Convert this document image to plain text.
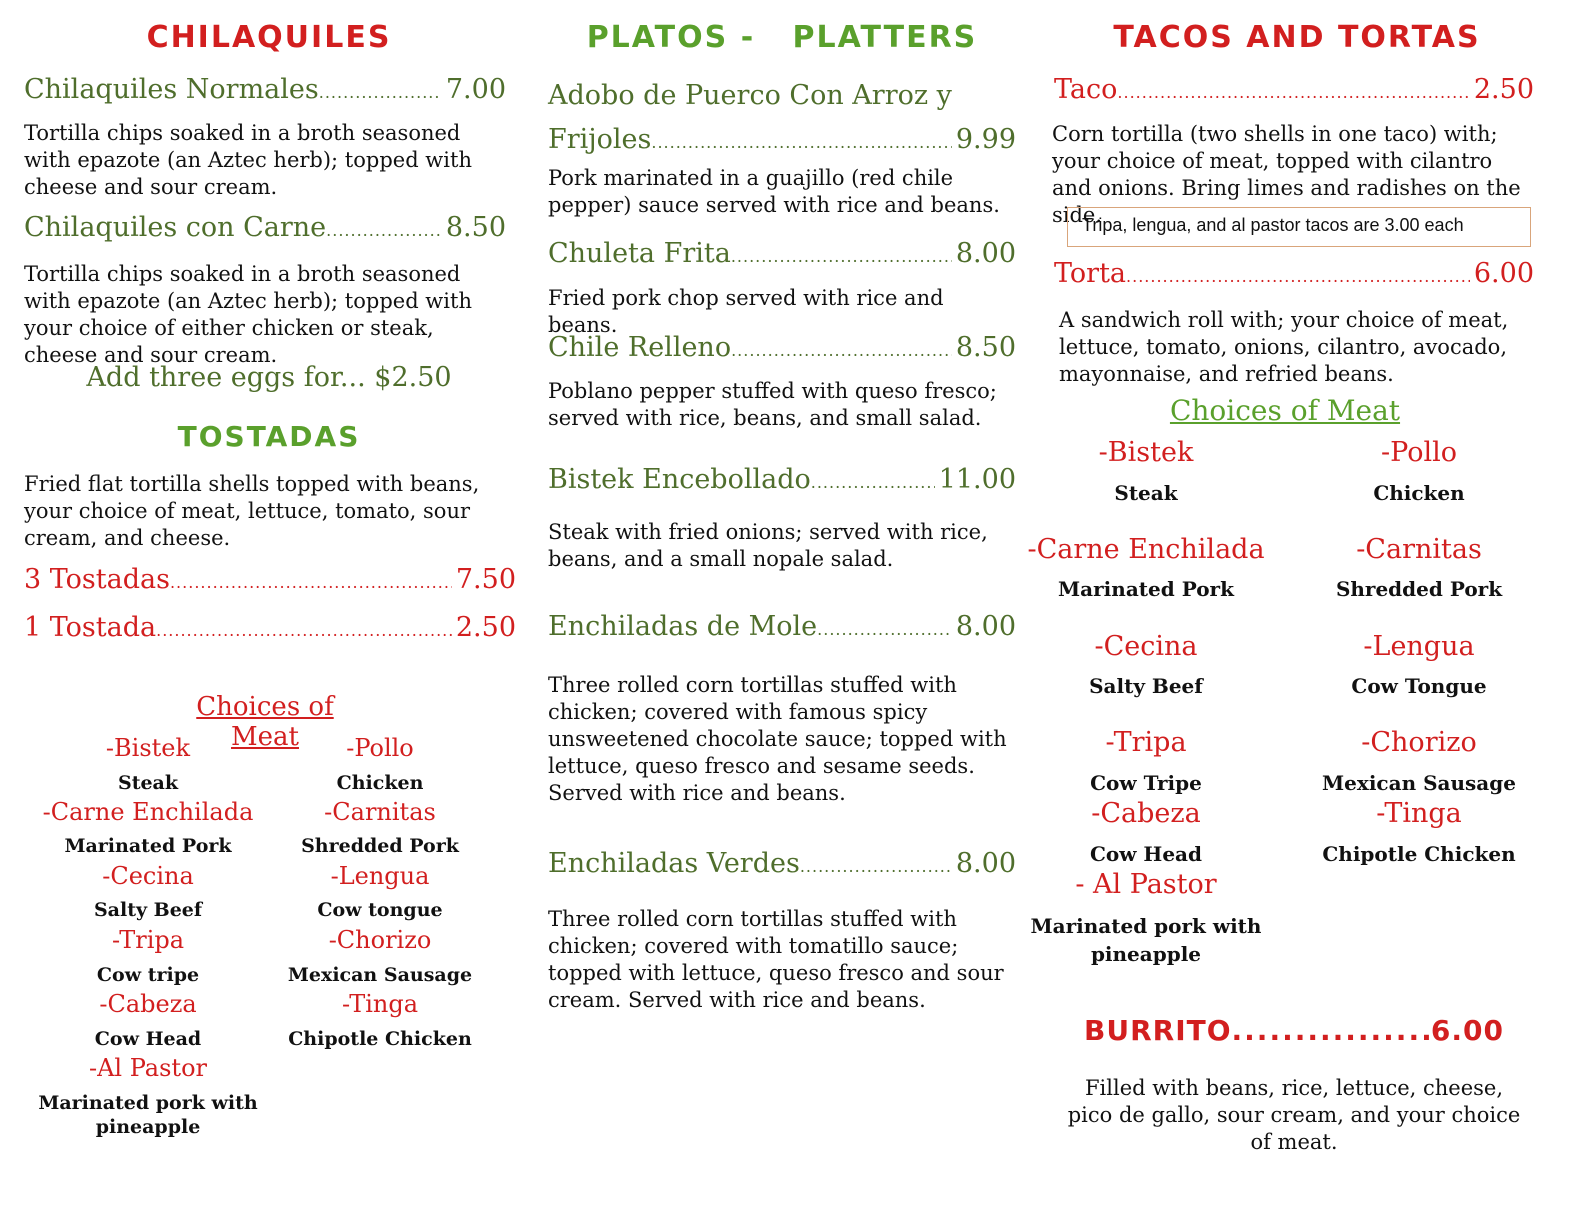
CHILAQUILES
Chilaquiles Normales .....	7.00
Tortilla chips soaked in a broth seasoned with epazote (an Aztec herb); topped with cheese and sour cream.
Chilaquiles con Carne .....	8.50
Tortilla chips soaked in a broth seasoned with epazote (an Aztec herb); topped with your choice of either chicken or steak, cheese and sour cream.
Add three eggs for... $2.50
TOSTADAS
Fried flat tortilla shells topped with beans, your choice of meat, lettuce, tomato, sour cream, and cheese.
3 Tostadas .....	7.50
1 Tostada .....	2.50
Choices of Meat
-Bistek
Steak
-Pollo
Chicken
-Carne Enchilada
Marinated Pork
-Carnitas
Shredded Pork
-Cecina
Salty Beef
-Lengua
Cow tongue
-Tripa
Cow tripe
-Chorizo
Mexican Sausage
-Cabeza
Cow Head
-Tinga
Chipotle Chicken
-Al Pastor
Marinated pork with pineapple
PLATOS -   PLATTERS
Adobo de Puerco Con Arroz y
Frijoles .....	9.99
Pork marinated in a guajillo (red chile pepper) sauce served with rice and beans.
Chuleta Frita .....	8.00
Fried pork chop served with rice and beans.
Chile Relleno .....	8.50
Poblano pepper stuffed with queso fresco; served with rice, beans, and small salad.
Bistek Encebollado .....	11.00
Steak with fried onions; served with rice, beans, and a small nopale salad.
Enchiladas de Mole .....	8.00
Three rolled corn tortillas stuffed with chicken; covered with famous spicy unsweetened chocolate sauce; topped with lettuce, queso fresco and sesame seeds. Served with rice and beans.
Enchiladas Verdes .....	8.00
Three rolled corn tortillas stuffed with chicken; covered with tomatillo sauce; topped with lettuce, queso fresco and sour cream. Served with rice and beans.
TACOS AND TORTAS
Taco .....	2.50
Corn tortilla (two shells in one taco) with; your choice of meat, topped with cilantro and onions. Bring limes and radishes on the side.
Tripa, lengua, and al pastor tacos are 3.00 each
Torta .....	6.00
A sandwich roll with; your choice of meat, lettuce, tomato, onions, cilantro, avocado, mayonnaise, and refried beans.
Choices of Meat
-Bistek
Steak
-Pollo
Chicken
-Carne Enchilada
Marinated Pork
-Carnitas
Shredded Pork
-Cecina
Salty Beef
-Lengua
Cow Tongue
-Tripa
Cow Tripe
-Chorizo
Mexican Sausage
-Cabeza
Cow Head
-Tinga
Chipotle Chicken
- Al Pastor
Marinated pork with pineapple
BURRITO .....	6.00
Filled with beans, rice, lettuce, cheese, pico de gallo, sour cream, and your choice of meat.
